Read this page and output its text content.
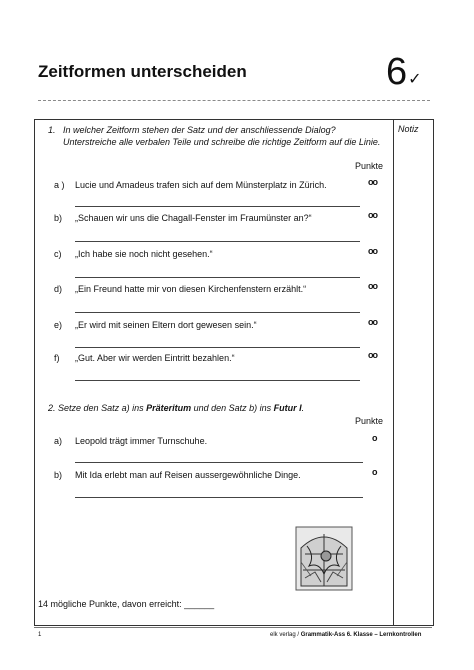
Zeitformen unterscheiden	6✓
Notiz
1. In welcher Zeitform stehen der Satz und der anschliessende Dialog? Unterstreiche alle verbalen Teile und schreibe die richtige Zeitform auf die Linie.
Punkte
a ) Lucie und Amadeus trafen sich auf dem Münsterplatz in Zürich.	oo
b) „Schauen wir uns die Chagall-Fenster im Fraumünster an?“	oo
c) „Ich habe sie noch nicht gesehen.“	oo
d) „Ein Freund hatte mir von diesen Kirchenfenstern erzählt.“	oo
e) „Er wird mit seinen Eltern dort gewesen sein.“	oo
f) „Gut. Aber wir werden Eintritt bezahlen.“	oo
2. Setze den Satz a) ins Präteritum und den Satz b) ins Futur I.
Punkte
a) Leopold trägt immer Turnschuhe.	o
b) Mit Ida erlebt man auf Reisen aussergewöhnliche Dinge.	o
14 mögliche Punkte, davon erreicht: ______
1	elk verlag / Grammatik-Ass 6. Klasse – Lernkontrollen
